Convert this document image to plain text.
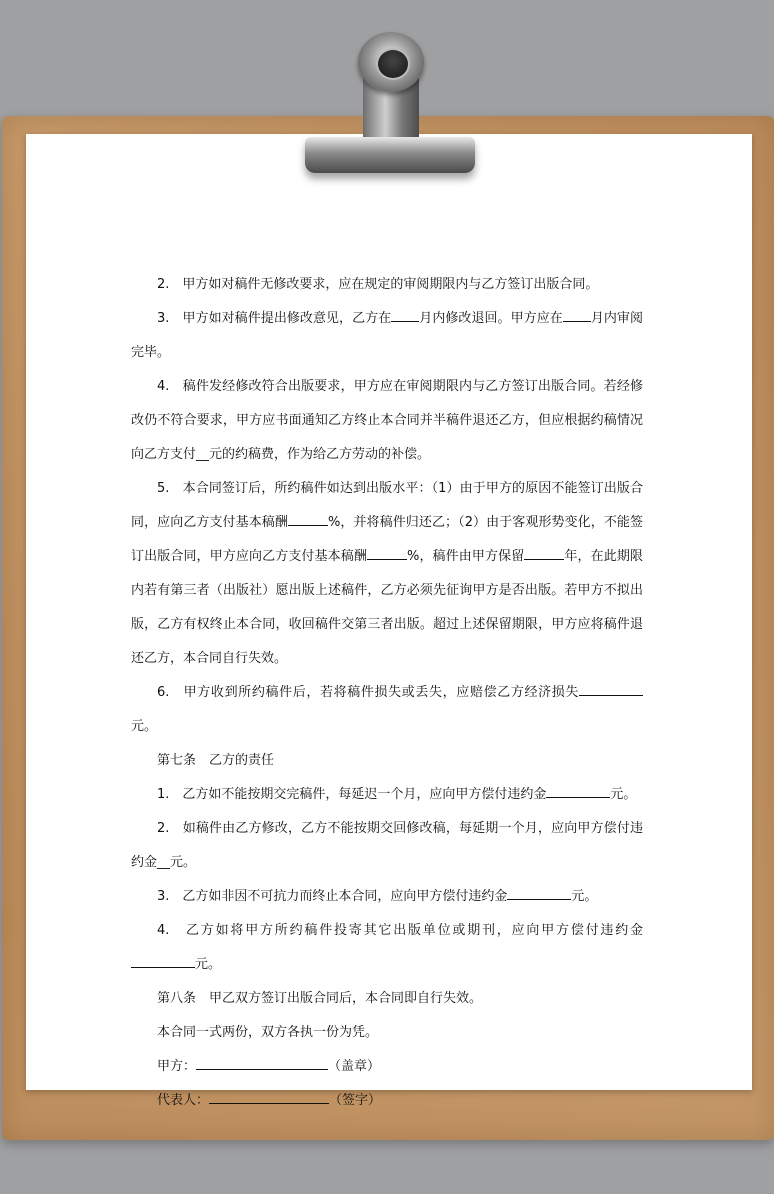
2.　甲方如对稿件无修改要求，应在规定的审阅期限内与乙方签订出版合同。

3.　甲方如对稿件提出修改意见，乙方在 月内修改退回。甲方应在 月内审阅完毕。

4.　稿件发经修改符合出版要求，甲方应在审阅期限内与乙方签订出版合同。若经修改仍不符合要求，甲方应书面通知乙方终止本合同并半稿件退还乙方，但应根据约稿情况向乙方支付__元的约稿费，作为给乙方劳动的补偿。

5.　本合同签订后，所约稿件如达到出版水平：（1）由于甲方的原因不能签订出版合同，应向乙方支付基本稿酬	%，并将稿件归还乙；（2）由于客观形势变化，不能签订出版合同，甲方应向乙方支付基本稿酬	%，稿件由甲方保留	年，在此期限内若有第三者（出版社）愿出版上述稿件，乙方必须先征询甲方是否出版。若甲方不拟出版，乙方有权终止本合同，收回稿件交第三者出版。超过上述保留期限，甲方应将稿件退还乙方，本合同自行失效。

6.　甲方收到所约稿件后，若将稿件损失或丢失，应赔偿乙方经济损失元。

第七条　乙方的责任

1.　乙方如不能按期交完稿件，每延迟一个月，应向甲方偿付违约金	元。

2.　如稿件由乙方修改，乙方不能按期交回修改稿，每延期一个月，应向甲方偿付违约金__元。

3.　乙方如非因不可抗力而终止本合同，应向甲方偿付违约金	元。

4.　乙方如将甲方所约稿件投寄其它出版单位或期刊，应向甲方偿付违约金元。

第八条　甲乙双方签订出版合同后，本合同即自行失效。

本合同一式两份，双方各执一份为凭。

甲方：	（盖章）

代表人：	（签字）
